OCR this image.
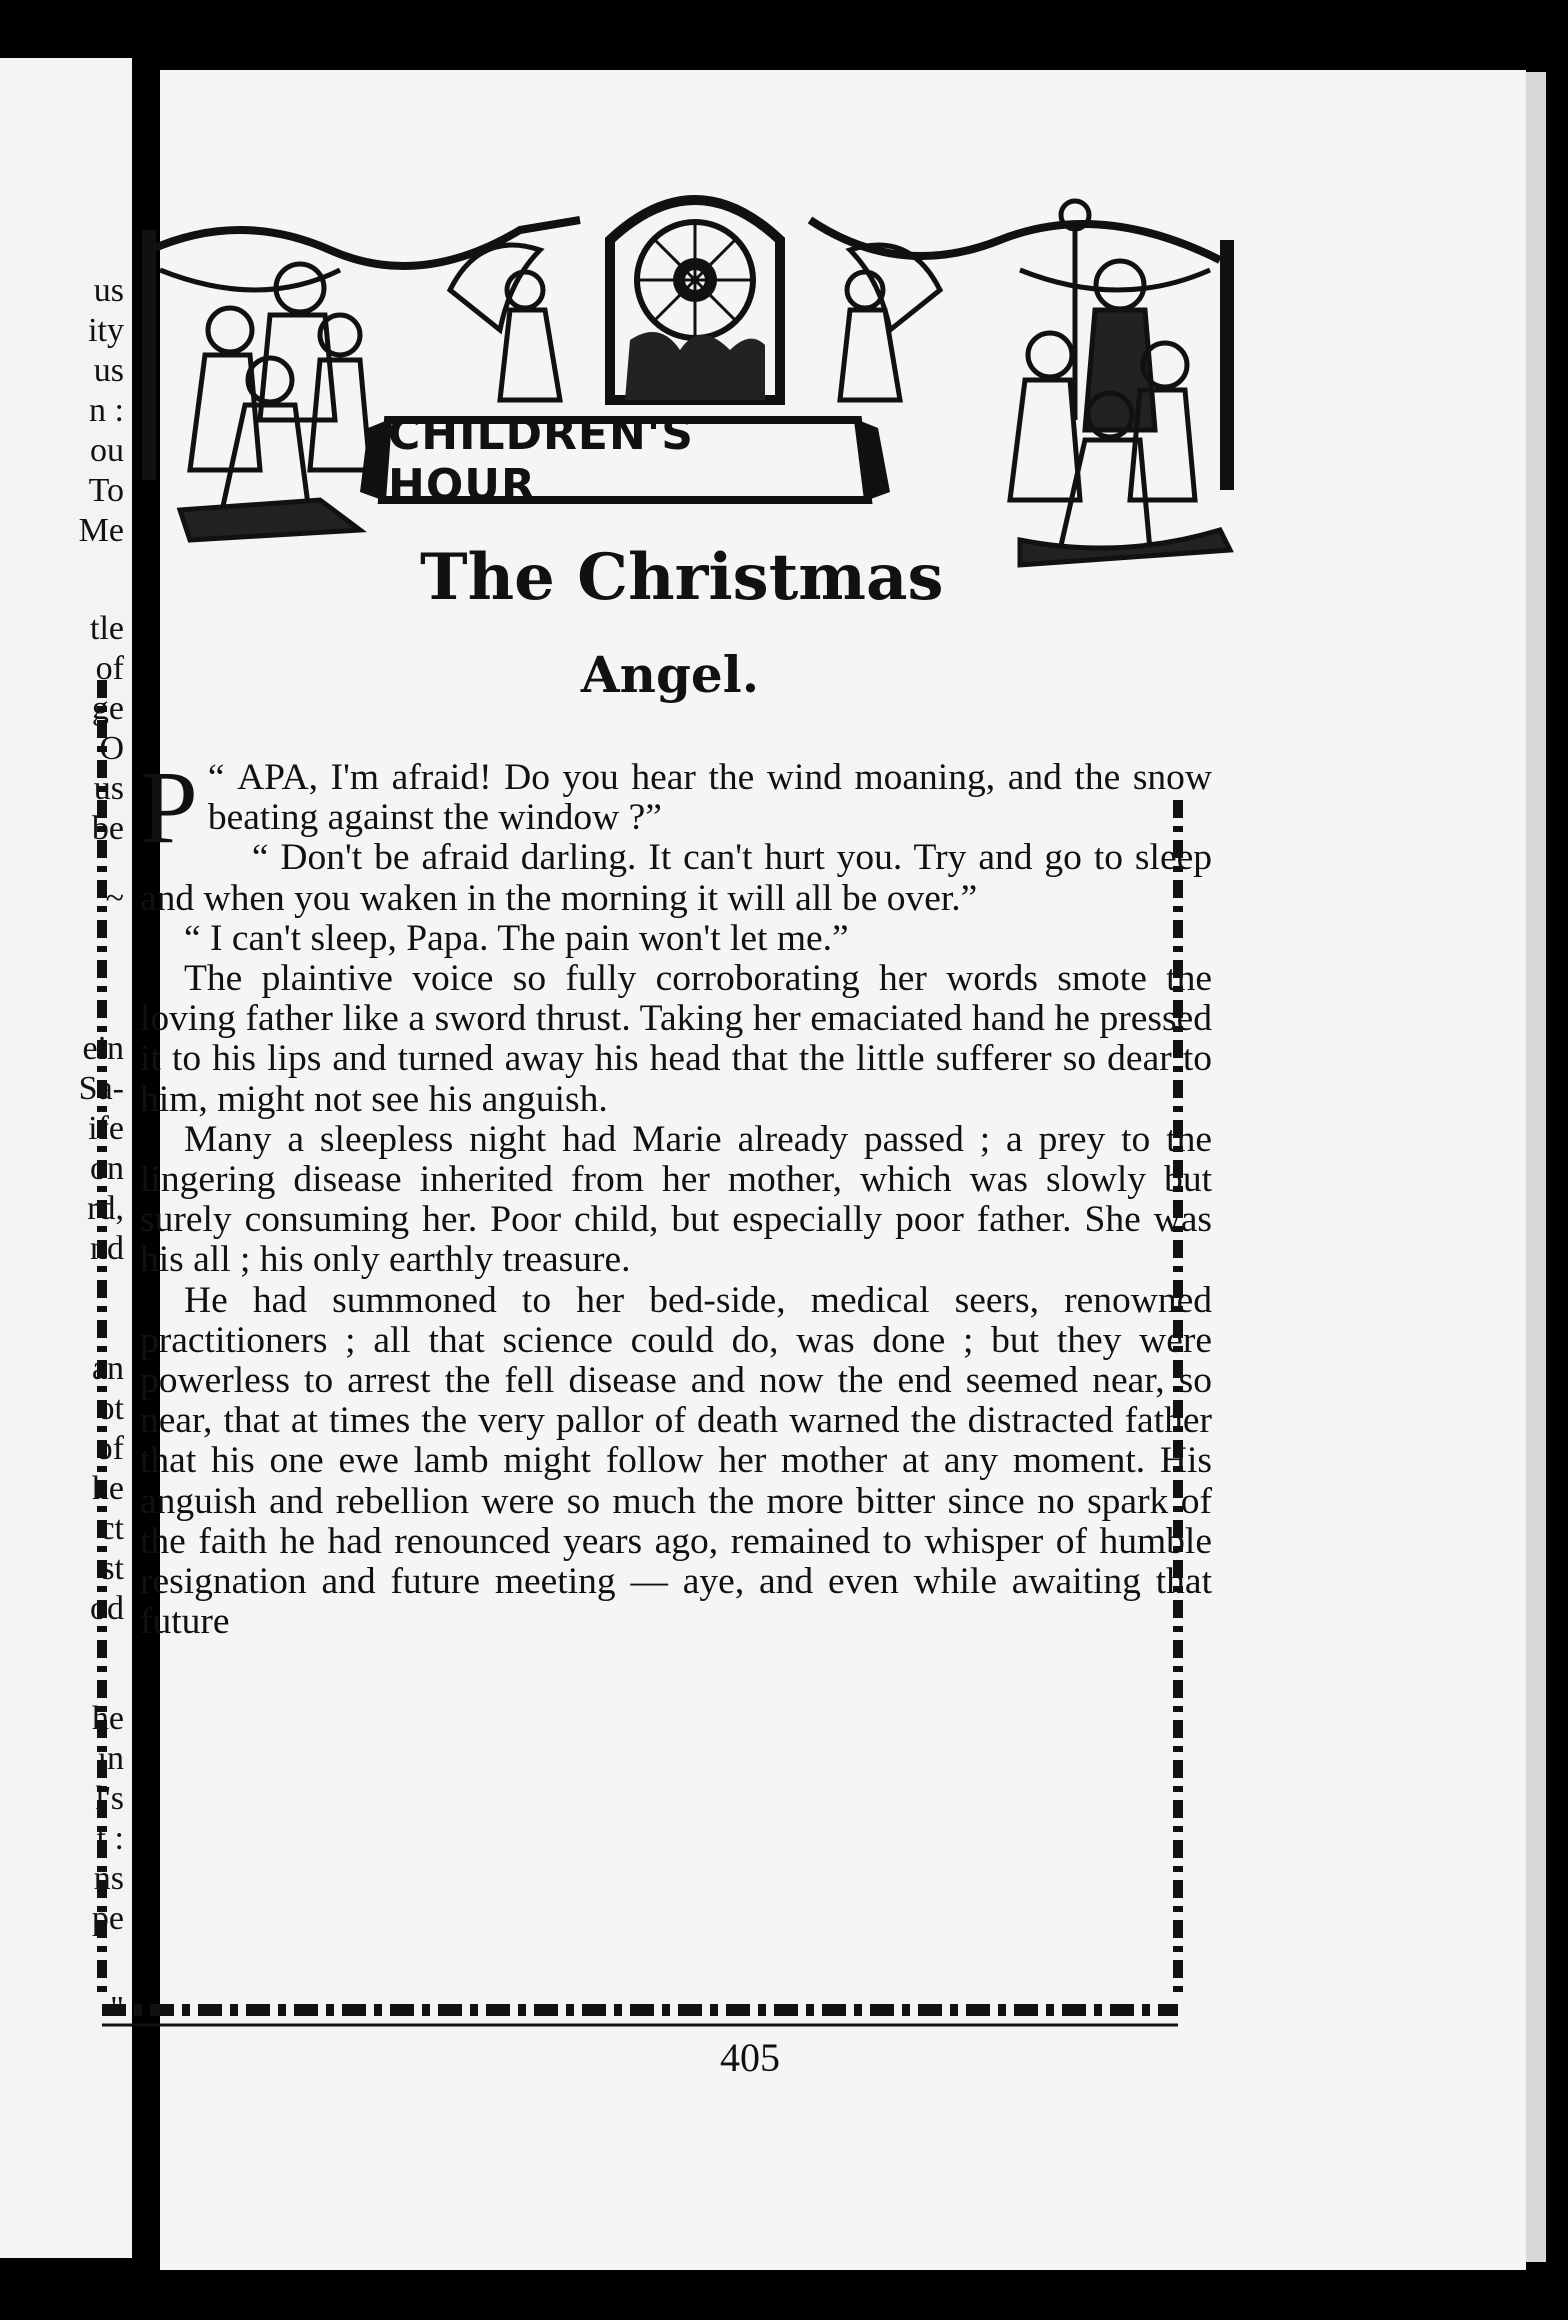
us
ity
us
n :
ou
To
Me
tle
of
ge
O
us
be
~
ein
Sa-
ife
on
rd,
nd
an
ot
of
he
ct
st
od
he
in
l's
t :
ns
pe
"
CHILDREN'S HOUR
The Christmas
Angel.

“
P APA, I'm afraid! Do you hear the wind moaning, and the snow beating against the window ?”

“ Don't be afraid darling. It can't hurt you. Try and go to sleep and when you waken in the morning it will all be over.”

“ I can't sleep, Papa. The pain won't let me.”

The plaintive voice so fully corroborating her words smote the loving father like a sword thrust. Taking her emaciated hand he pressed it to his lips and turned away his head that the little sufferer so dear to him, might not see his anguish.

Many a sleepless night had Marie already passed ; a prey to the lingering disease inherited from her mother, which was slowly but surely consuming her. Poor child, but especially poor father. She was his all ; his only earthly treasure.

He had summoned to her bed-side, medical seers, renowned practitioners ; all that science could do, was done ; but they were powerless to arrest the fell disease and now the end seemed near, so near, that at times the very pallor of death warned the distracted father that his one ewe lamb might follow her mother at any moment. His anguish and rebellion were so much the more bitter since no spark of the faith he had renounced years ago, remained to whisper of humble resignation and future meeting — aye, and even while awaiting that future

405
